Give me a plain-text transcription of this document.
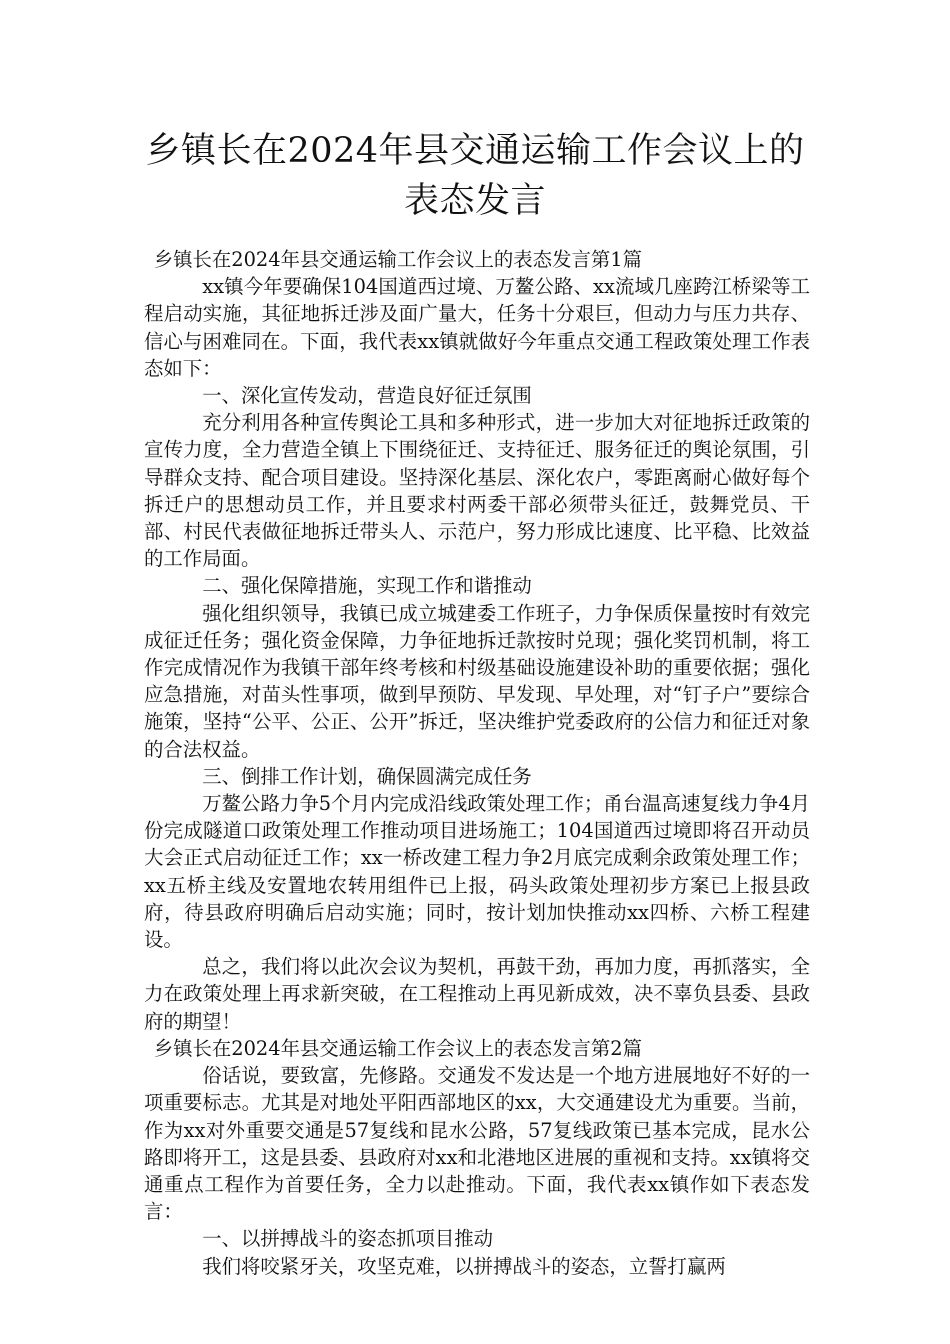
乡镇长在2024年县交通运输工作会议上的
表态发言

乡镇长在2024年县交通运输工作会议上的表态发言第1篇

xx镇今年要确保104国道西过境、万鳌公路、xx流域几座跨江桥梁等工程启动实施，其征地拆迁涉及面广量大，任务十分艰巨，但动力与压力共存、信心与困难同在。下面，我代表xx镇就做好今年重点交通工程政策处理工作表态如下：

一、深化宣传发动，营造良好征迁氛围

充分利用各种宣传舆论工具和多种形式，进一步加大对征地拆迁政策的宣传力度，全力营造全镇上下围绕征迁、支持征迁、服务征迁的舆论氛围，引导群众支持、配合项目建设。坚持深化基层、深化农户，零距离耐心做好每个拆迁户的思想动员工作，并且要求村两委干部必须带头征迁，鼓舞党员、干部、村民代表做征地拆迁带头人、示范户，努力形成比速度、比平稳、比效益的工作局面。

二、强化保障措施，实现工作和谐推动

强化组织领导，我镇已成立城建委工作班子，力争保质保量按时有效完成征迁任务；强化资金保障，力争征地拆迁款按时兑现；强化奖罚机制，将工作完成情况作为我镇干部年终考核和村级基础设施建设补助的重要依据；强化应急措施，对苗头性事项，做到早预防、早发现、早处理，对“钉子户”要综合施策，坚持“公平、公正、公开”拆迁，坚决维护党委政府的公信力和征迁对象的合法权益。

三、倒排工作计划，确保圆满完成任务

万鳌公路力争5个月内完成沿线政策处理工作；甬台温高速复线力争4月份完成隧道口政策处理工作推动项目进场施工；104国道西过境即将召开动员大会正式启动征迁工作；xx一桥改建工程力争2月底完成剩余政策处理工作；xx五桥主线及安置地农转用组件已上报，码头政策处理初步方案已上报县政府，待县政府明确后启动实施；同时，按计划加快推动xx四桥、六桥工程建设。

总之，我们将以此次会议为契机，再鼓干劲，再加力度，再抓落实，全力在政策处理上再求新突破，在工程推动上再见新成效，决不辜负县委、县政府的期望！

乡镇长在2024年县交通运输工作会议上的表态发言第2篇

俗话说，要致富，先修路。交通发不发达是一个地方进展地好不好的一项重要标志。尤其是对地处平阳西部地区的xx，大交通建设尤为重要。当前，作为xx对外重要交通是57复线和昆水公路，57复线政策已基本完成，昆水公路即将开工，这是县委、县政府对xx和北港地区进展的重视和支持。xx镇将交通重点工程作为首要任务，全力以赴推动。下面，我代表xx镇作如下表态发言：

一、以拼搏战斗的姿态抓项目推动

我们将咬紧牙关，攻坚克难，以拼搏战斗的姿态，立誓打赢两
